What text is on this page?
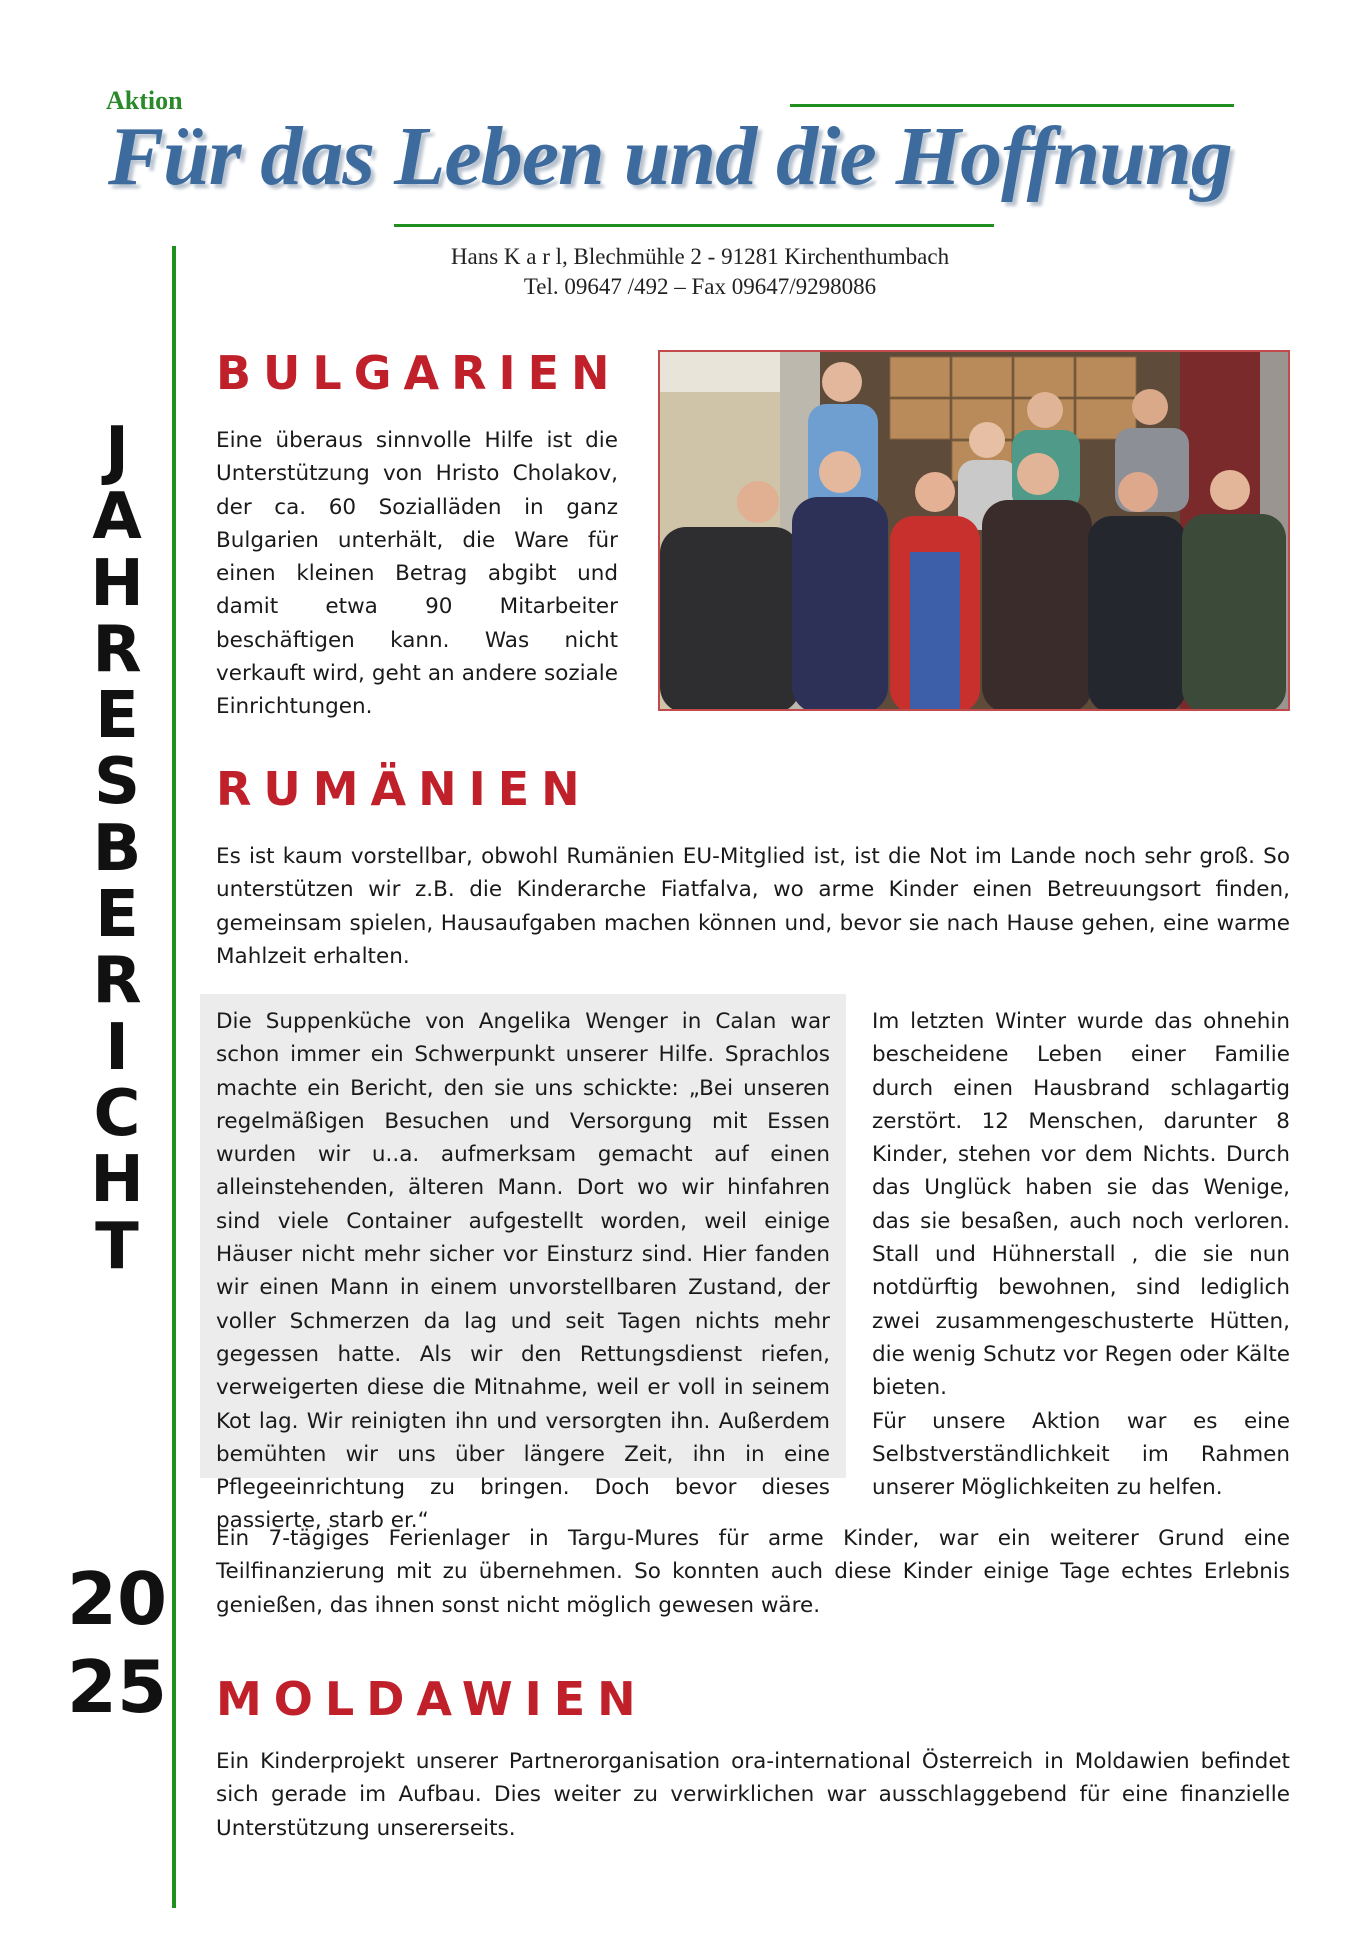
Aktion
Für das Leben und die Hoffnung
Hans K a r l, Blechmühle 2 - 91281 Kirchenthumbach
Tel. 09647 /492 – Fax 09647/9298086
J
A
H
R
E
S
B
E
R
I
C
H
T
20
25
BULGARIEN

Eine überaus sinnvolle Hilfe ist die Unterstützung von Hristo Cholakov, der ca. 60 Sozialläden in ganz Bulgarien unterhält, die Ware für einen kleinen Betrag abgibt und damit etwa 90 Mitarbeiter beschäftigen kann. Was nicht verkauft wird, geht an andere soziale Einrichtungen.

RUMÄNIEN

Es ist kaum vorstellbar, obwohl Rumänien EU-Mitglied ist, ist die Not im Lande noch sehr groß. So unterstützen wir z.B. die Kinderarche Fiatfalva, wo arme Kinder einen Betreuungsort finden, gemeinsam spielen, Hausaufgaben machen können und, bevor sie nach Hause gehen, eine warme Mahlzeit erhalten.

Die Suppenküche von Angelika Wenger in Calan war schon immer ein Schwerpunkt unserer Hilfe. Sprachlos machte ein Bericht, den sie uns schickte: „Bei unseren regelmäßigen Besuchen und Versorgung mit Essen wurden wir u..a. aufmerksam gemacht auf einen alleinstehenden, älteren Mann. Dort wo wir hinfahren sind viele Container aufgestellt worden, weil einige Häuser nicht mehr sicher vor Einsturz sind. Hier fanden wir einen Mann in einem unvorstellbaren Zustand, der voller Schmerzen da lag und seit Tagen nichts mehr gegessen hatte. Als wir den Rettungsdienst riefen, verweigerten diese die Mitnahme, weil er voll in seinem Kot lag. Wir reinigten ihn und versorgten ihn. Außerdem bemühten wir uns über längere Zeit, ihn in eine Pflegeeinrichtung zu bringen. Doch bevor dieses passierte, starb er.“

Im letzten Winter wurde das ohnehin bescheidene Leben einer Familie durch einen Hausbrand schlagartig zerstört. 12 Menschen, darunter 8 Kinder, stehen vor dem Nichts. Durch das Unglück haben sie das Wenige, das sie besaßen, auch noch verloren. Stall und Hühnerstall , die sie nun notdürftig bewohnen, sind lediglich zwei zusammengeschusterte Hütten, die wenig Schutz vor Regen oder Kälte bieten.

Für unsere Aktion war es eine Selbstverständlichkeit im Rahmen unserer Möglichkeiten zu helfen.

Ein 7-tägiges Ferienlager in Targu-Mures für arme Kinder, war ein weiterer Grund eine Teilfinanzierung mit zu übernehmen. So konnten auch diese Kinder einige Tage echtes Erlebnis genießen, das ihnen sonst nicht möglich gewesen wäre.

MOLDAWIEN

Ein Kinderprojekt unserer Partnerorganisation ora-international Österreich in Moldawien befindet sich gerade im Aufbau. Dies weiter zu verwirklichen war ausschlaggebend für eine finanzielle Unterstützung unsererseits.
